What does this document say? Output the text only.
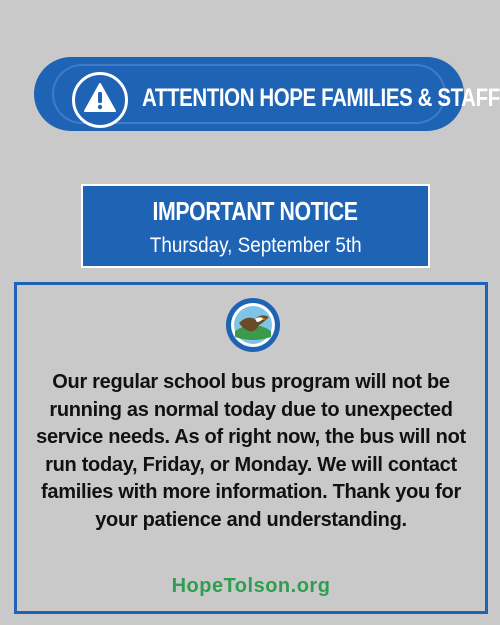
ATTENTION HOPE FAMILIES & STAFF
IMPORTANT NOTICE
Thursday, September 5th
Our regular school bus program will not be running as normal today due to unexpected service needs. As of right now, the bus will not run today, Friday, or Monday. We will contact families with more information. Thank you for your patience and understanding.
HopeTolson.org
